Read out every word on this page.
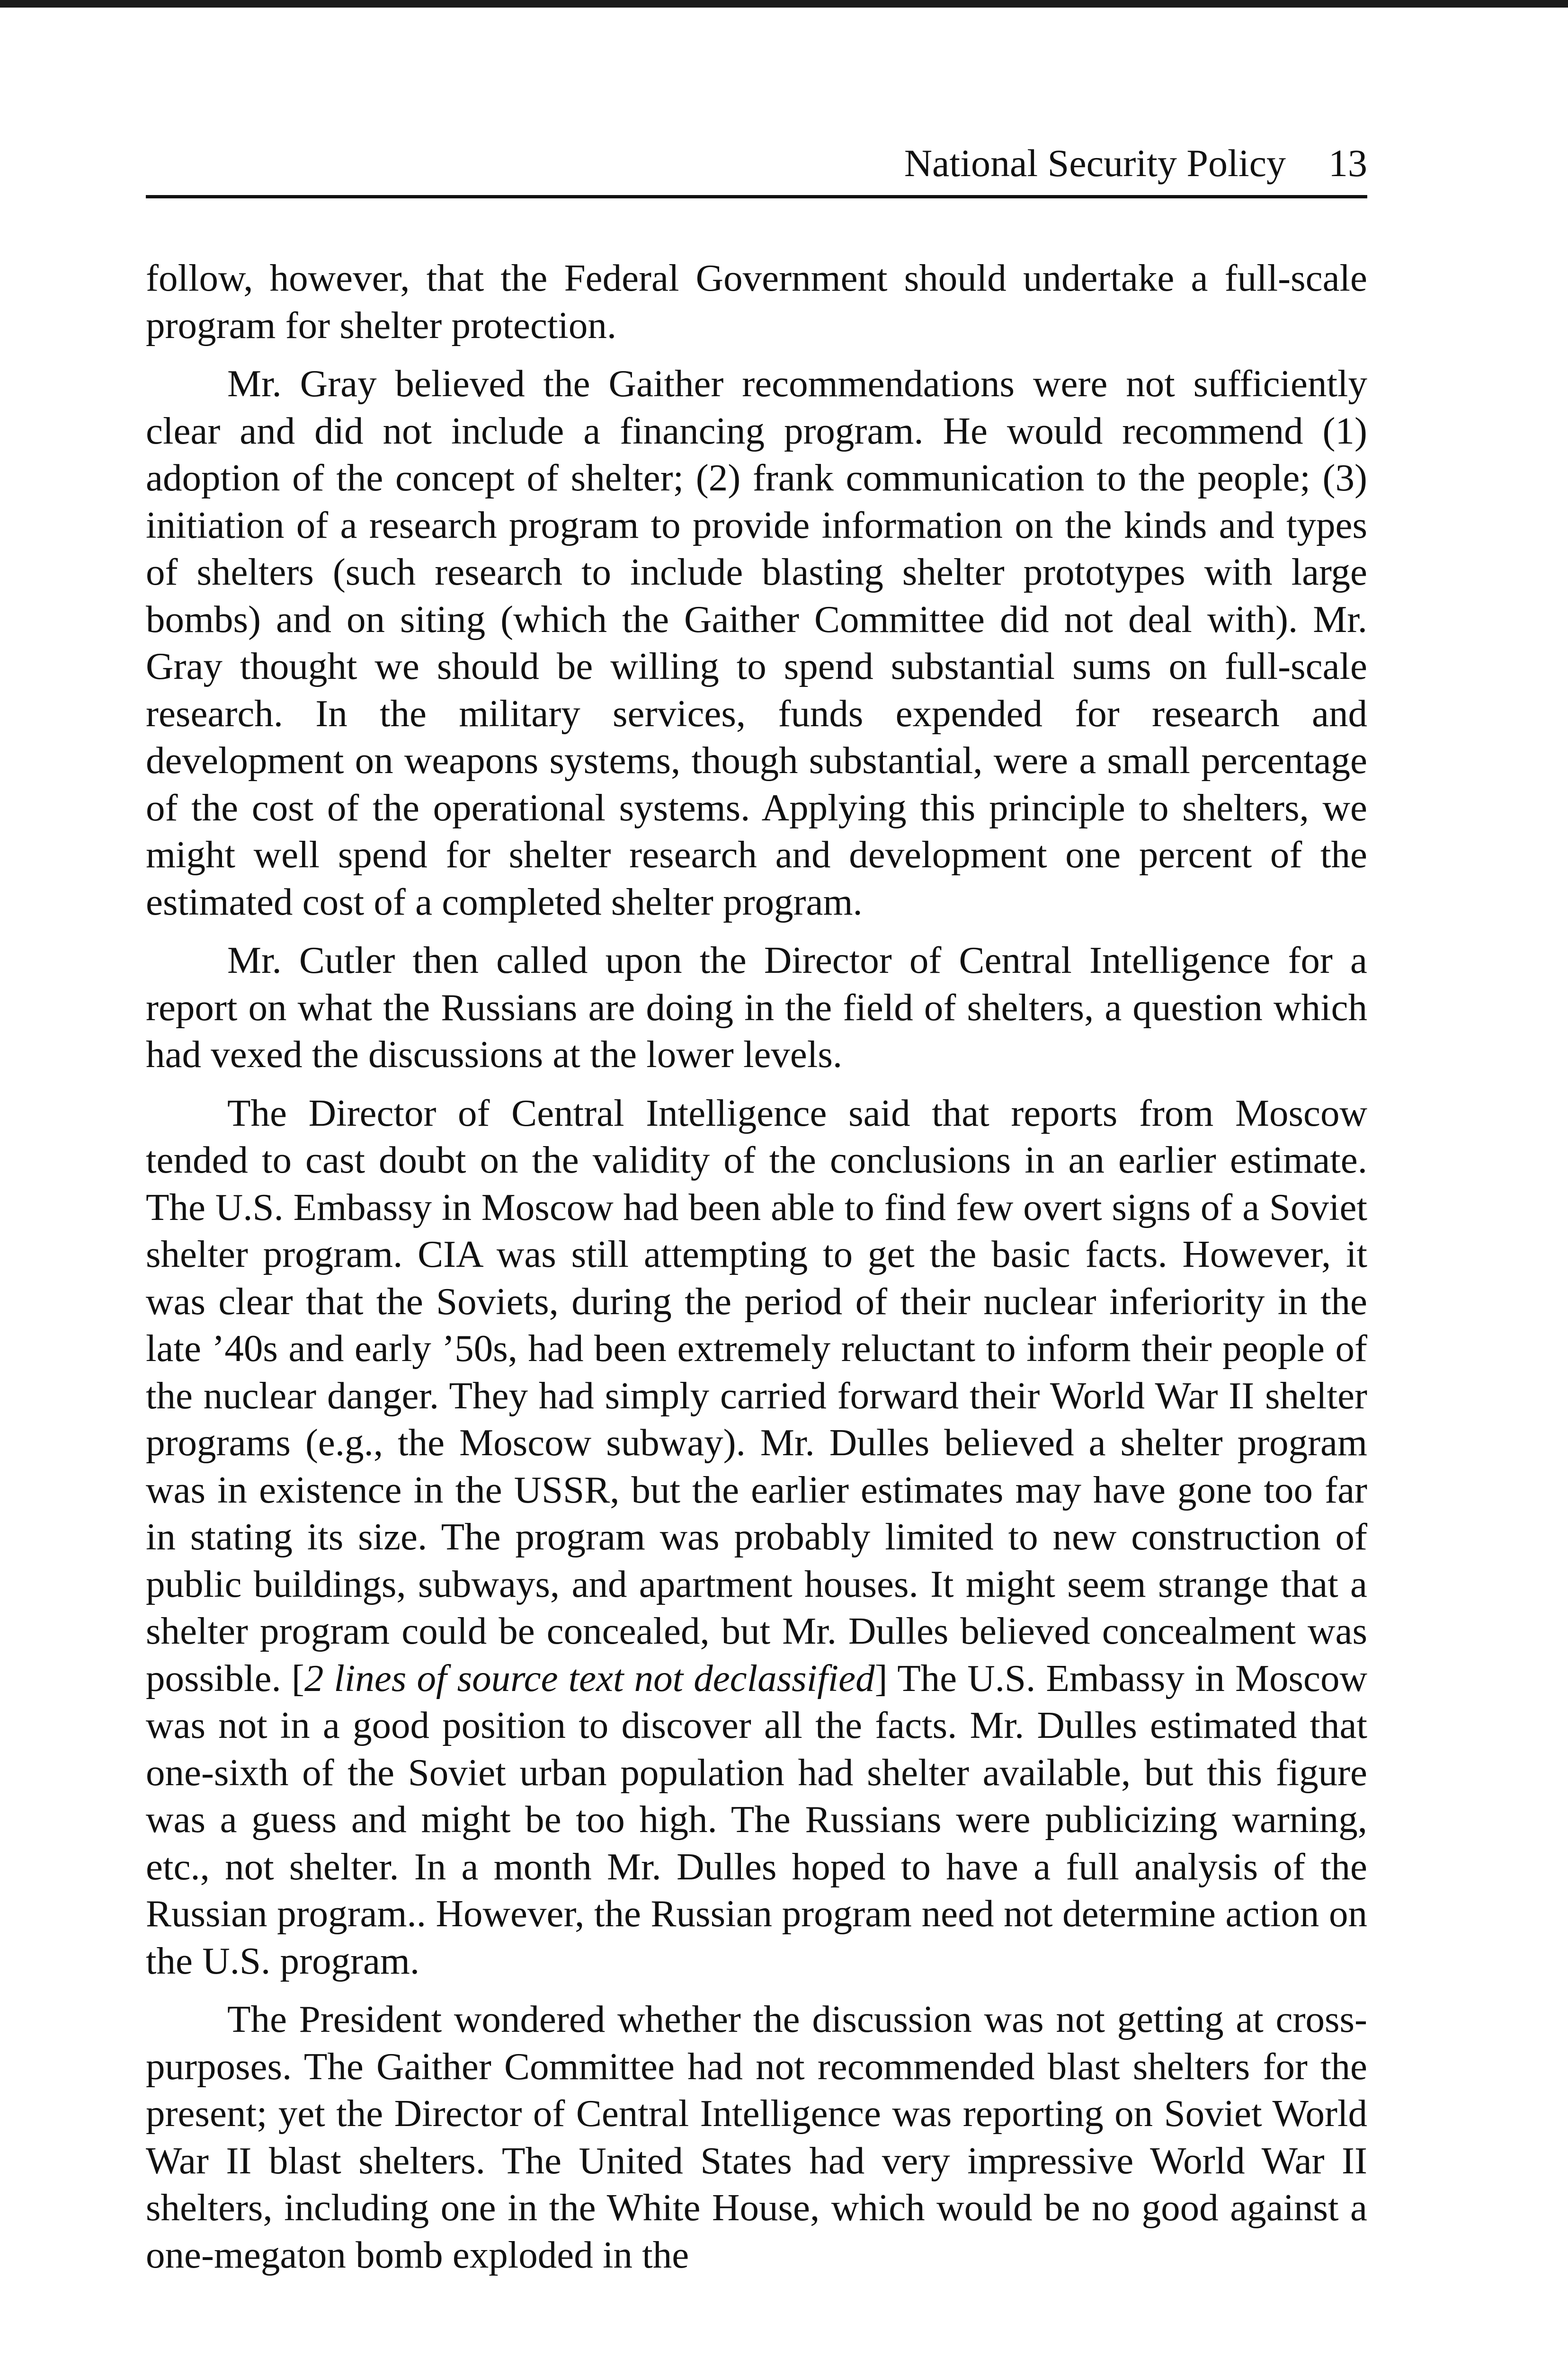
National Security Policy 13

follow, however, that the Federal Government should undertake a full-scale program for shelter protection.

Mr. Gray believed the Gaither recommendations were not sufficiently clear and did not include a financing program. He would recommend (1) adoption of the concept of shelter; (2) frank communication to the people; (3) initiation of a research program to provide information on the kinds and types of shelters (such research to include blasting shelter prototypes with large bombs) and on siting (which the Gaither Committee did not deal with). Mr. Gray thought we should be willing to spend substantial sums on full-scale research. In the military services, funds expended for research and development on weapons systems, though substantial, were a small percentage of the cost of the operational systems. Applying this principle to shelters, we might well spend for shelter research and development one percent of the estimated cost of a completed shelter program.

Mr. Cutler then called upon the Director of Central Intelligence for a report on what the Russians are doing in the field of shelters, a question which had vexed the discussions at the lower levels.

The Director of Central Intelligence said that reports from Moscow tended to cast doubt on the validity of the conclusions in an earlier estimate. The U.S. Embassy in Moscow had been able to find few overt signs of a Soviet shelter program. CIA was still attempting to get the basic facts. However, it was clear that the Soviets, during the period of their nuclear inferiority in the late ’40s and early ’50s, had been extremely reluctant to inform their people of the nuclear danger. They had simply carried forward their World War II shelter programs (e.g., the Moscow subway). Mr. Dulles believed a shelter program was in existence in the USSR, but the earlier estimates may have gone too far in stating its size. The program was probably limited to new construction of public buildings, subways, and apartment houses. It might seem strange that a shelter program could be concealed, but Mr. Dulles believed concealment was possible. [2 lines of source text not declassified] The U.S. Embassy in Moscow was not in a good position to discover all the facts. Mr. Dulles estimated that one-sixth of the Soviet urban population had shelter available, but this figure was a guess and might be too high. The Russians were publicizing warning, etc., not shelter. In a month Mr. Dulles hoped to have a full analysis of the Russian program.. However, the Russian program need not determine action on the U.S. program.

The President wondered whether the discussion was not getting at cross-purposes. The Gaither Committee had not recommended blast shelters for the present; yet the Director of Central Intelligence was reporting on Soviet World War II blast shelters. The United States had very impressive World War II shelters, including one in the White House, which would be no good against a one-megaton bomb exploded in the
